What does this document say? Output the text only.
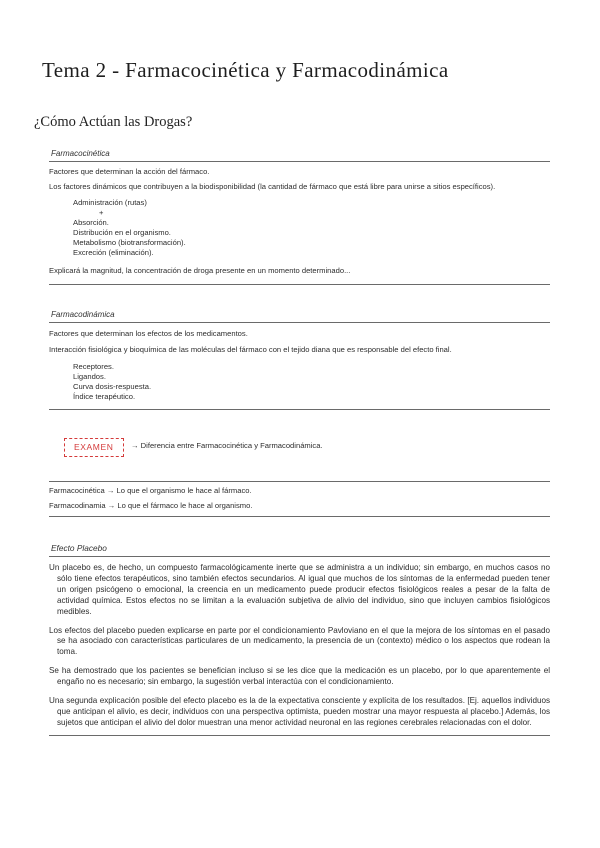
Tema 2 - Farmacocinética y Farmacodinámica
¿Cómo Actúan las Drogas?
Farmacocinética

Factores que determinan la acción del fármaco.

Los factores dinámicos que contribuyen a la biodisponibilidad (la cantidad de fármaco que está libre para unirse a sitios específicos).

Administración (rutas)
+
Absorción.
Distribución en el organismo.
Metabolismo (biotransformación).
Excreción (eliminación).

Explicará la magnitud, la concentración de droga presente en un momento determinado...

Farmacodinámica

Factores que determinan los efectos de los medicamentos.

Interacción fisiológica y bioquímica de las moléculas del fármaco con el tejido diana que es responsable del efecto final.

Receptores.
Ligandos.
Curva dosis-respuesta.
Índice terapéutico.
EXAMEN → Diferencia entre Farmacocinética y Farmacodinámica.

Farmacocinética → Lo que el organismo le hace al fármaco.

Farmacodinamia → Lo que el fármaco le hace al organismo.

Efecto Placebo

Un placebo es, de hecho, un compuesto farmacológicamente inerte que se administra a un individuo; sin embargo, en muchos casos no sólo tiene efectos terapéuticos, sino también efectos secundarios. Al igual que muchos de los síntomas de la enfermedad pueden tener un origen psicógeno o emocional, la creencia en un medicamento puede producir efectos fisiológicos reales a pesar de la falta de actividad química. Estos efectos no se limitan a la evaluación subjetiva de alivio del individuo, sino que incluyen cambios fisiológicos medibles.

Los efectos del placebo pueden explicarse en parte por el condicionamiento Pavloviano en el que la mejora de los síntomas en el pasado se ha asociado con características particulares de un medicamento, la presencia de un (contexto) médico o los aspectos que rodean la toma.

Se ha demostrado que los pacientes se benefician incluso si se les dice que la medicación es un placebo, por lo que aparentemente el engaño no es necesario; sin embargo, la sugestión verbal interactúa con el condicionamiento.

Una segunda explicación posible del efecto placebo es la de la expectativa consciente y explícita de los resultados. [Ej. aquellos individuos que anticipan el alivio, es decir, individuos con una perspectiva optimista, pueden mostrar una mayor respuesta al placebo.] Además, los sujetos que anticipan el alivio del dolor muestran una menor actividad neuronal en las regiones cerebrales relacionadas con el dolor.
